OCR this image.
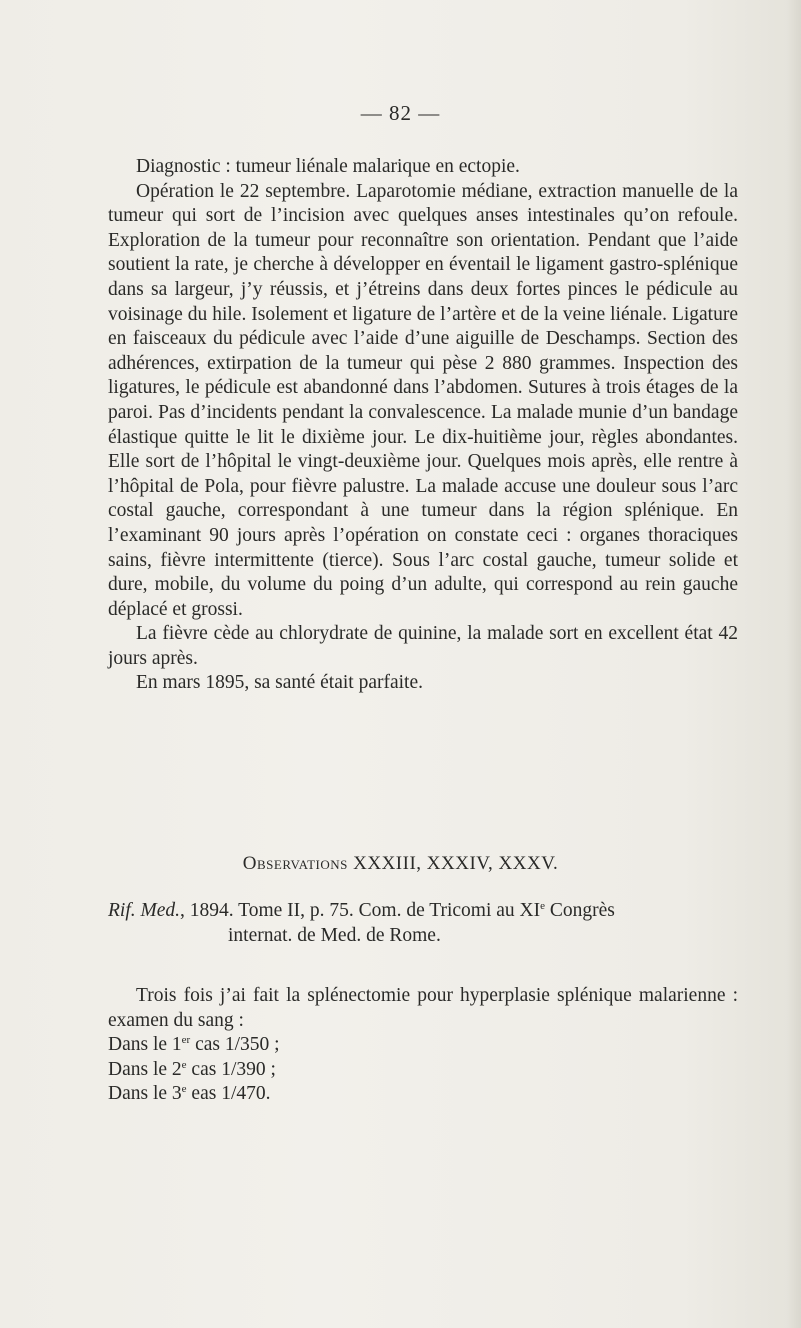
— 82 —

Diagnostic : tumeur liénale malarique en ectopie.

Opération le 22 septembre. Laparotomie médiane, extraction manuelle de la tumeur qui sort de l’incision avec quelques anses intestinales qu’on refoule. Exploration de la tumeur pour reconnaître son orientation. Pendant que l’aide soutient la rate, je cherche à développer en éventail le ligament gastro-splénique dans sa largeur, j’y réussis, et j’étreins dans deux fortes pinces le pédicule au voisinage du hile. Isolement et ligature de l’artère et de la veine liénale. Ligature en faisceaux du pédicule avec l’aide d’une aiguille de Deschamps. Section des adhérences, extirpation de la tumeur qui pèse 2 880 grammes. Inspection des ligatures, le pédicule est abandonné dans l’abdomen. Sutures à trois étages de la paroi. Pas d’incidents pendant la convalescence. La malade munie d’un bandage élastique quitte le lit le dixième jour. Le dix-huitième jour, règles abondantes. Elle sort de l’hôpital le vingt-deuxième jour. Quelques mois après, elle rentre à l’hôpital de Pola, pour fièvre palustre. La malade accuse une douleur sous l’arc costal gauche, correspondant à une tumeur dans la région splénique. En l’examinant 90 jours après l’opération on constate ceci : organes thoraciques sains, fièvre intermittente (tierce). Sous l’arc costal gauche, tumeur solide et dure, mobile, du volume du poing d’un adulte, qui correspond au rein gauche déplacé et grossi.

La fièvre cède au chlorydrate de quinine, la malade sort en excellent état 42 jours après.

En mars 1895, sa santé était parfaite.

Observations XXXIII, XXXIV, XXXV.
Rif. Med., 1894. Tome II, p. 75. Com. de Tricomi au XIe Congrès
internat. de Med. de Rome.

Trois fois j’ai fait la splénectomie pour hyperplasie splénique malarienne : examen du sang :

Dans le 1er cas 1/350 ;
Dans le 2e cas 1/390 ;
Dans le 3e eas 1/470.
